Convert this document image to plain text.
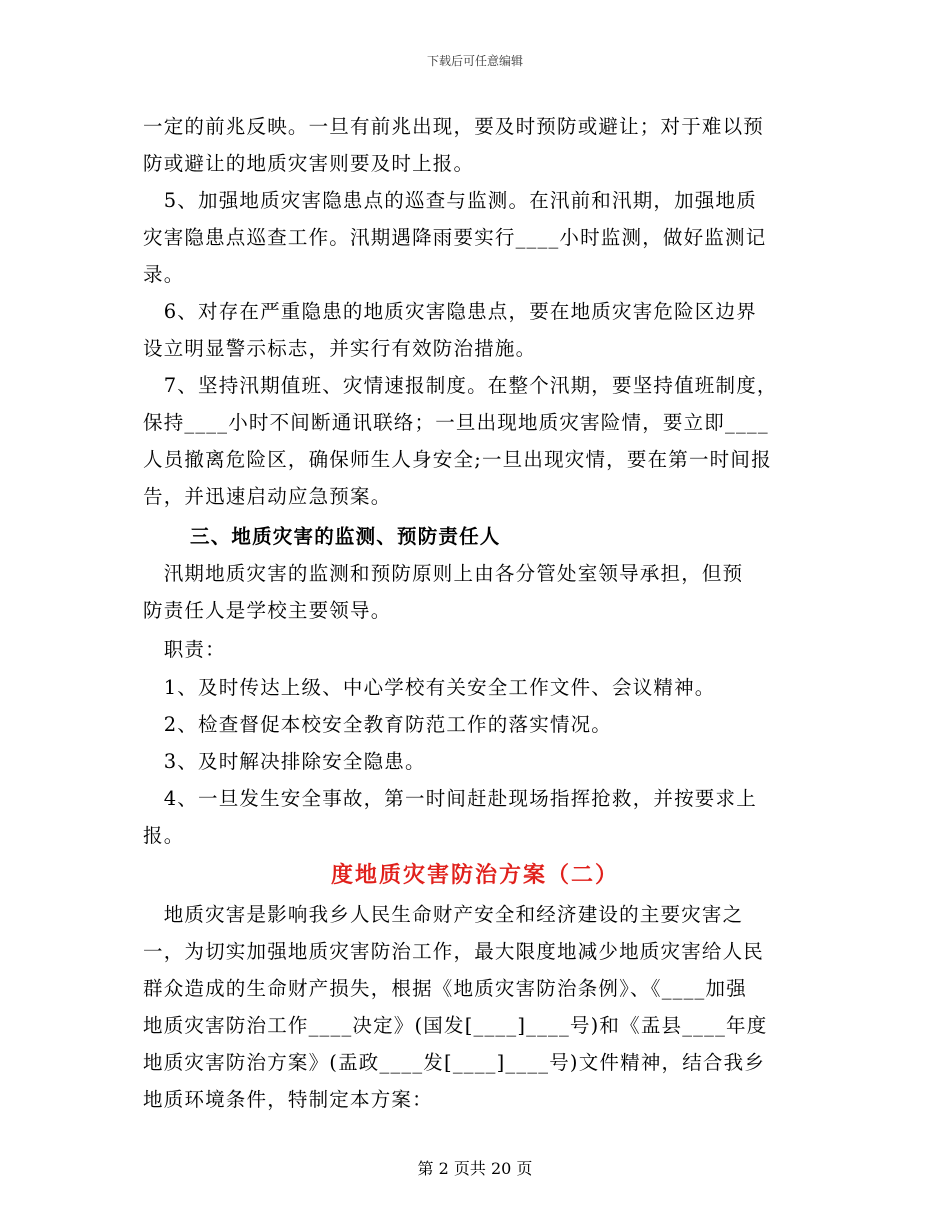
下载后可任意编辑

一定的前兆反映。一旦有前兆出现，要及时预防或避让；对于难以预

防或避让的地质灾害则要及时上报。

　5、加强地质灾害隐患点的巡查与监测。在汛前和汛期，加强地质

灾害隐患点巡查工作。汛期遇降雨要实行____小时监测，做好监测记

录。

　6、对存在严重隐患的地质灾害隐患点，要在地质灾害危险区边界

设立明显警示标志，并实行有效防治措施。

　7、坚持汛期值班、灾情速报制度。在整个汛期，要坚持值班制度，

保持____小时不间断通讯联络；一旦出现地质灾害险情，要立即____

人员撤离危险区，确保师生人身安全;一旦出现灾情，要在第一时间报

告，并迅速启动应急预案。

三、地质灾害的监测、预防责任人

　汛期地质灾害的监测和预防原则上由各分管处室领导承担，但预

防责任人是学校主要领导。

　职责：

　1、及时传达上级、中心学校有关安全工作文件、会议精神。

　2、检查督促本校安全教育防范工作的落实情况。

　3、及时解决排除安全隐患。

　4、一旦发生安全事故，第一时间赶赴现场指挥抢救，并按要求上

报。

度地质灾害防治方案（二）

　地质灾害是影响我乡人民生命财产安全和经济建设的主要灾害之

一，为切实加强地质灾害防治工作，最大限度地减少地质灾害给人民

群众造成的生命财产损失，根据《地质灾害防治条例》、《____加强

地质灾害防治工作____决定》(国发[____]____号)和《盂县____年度

地质灾害防治方案》(盂政____发[____]____号)文件精神，结合我乡

地质环境条件，特制定本方案：

第 2 页共 20 页
